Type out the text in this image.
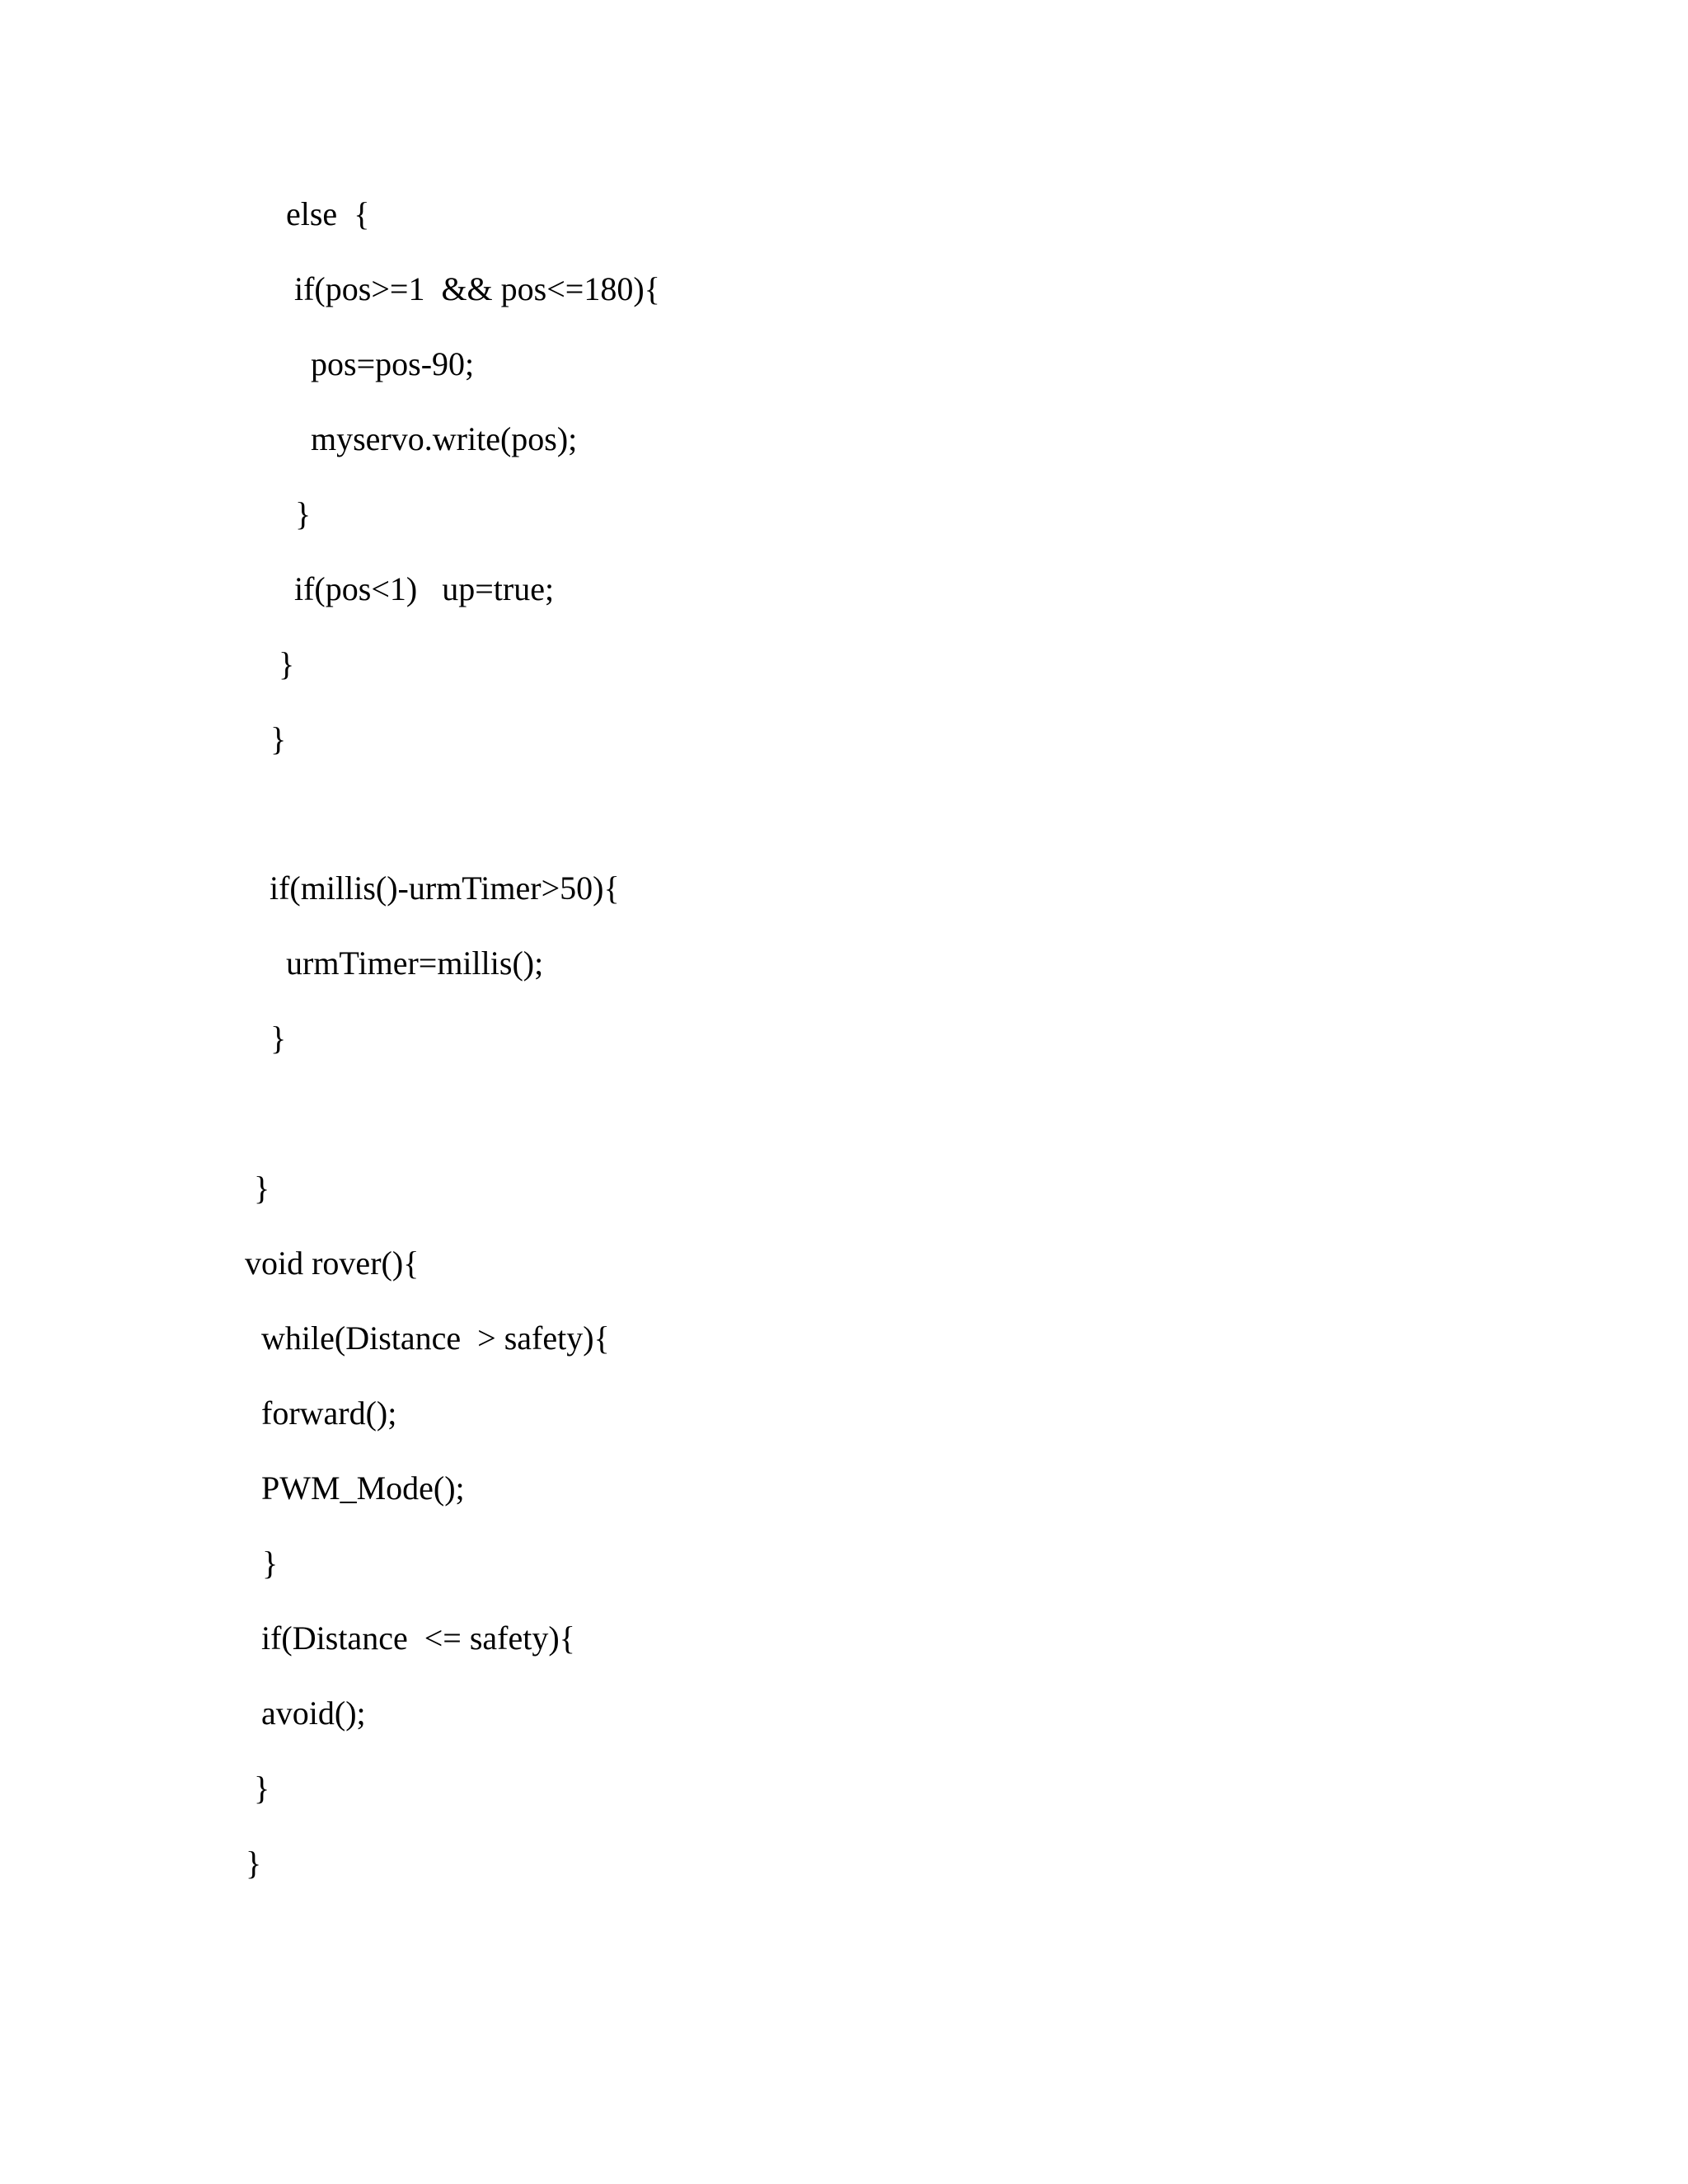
else  {
if(pos>=1  && pos<=180){
pos=pos-90;
myservo.write(pos);
}
if(pos<1)   up=true;
}
}
if(millis()-urmTimer>50){
urmTimer=millis();
}
}
void rover(){
while(Distance  > safety){
forward();
PWM_Mode();
}
if(Distance  <= safety){
avoid();
}
}
